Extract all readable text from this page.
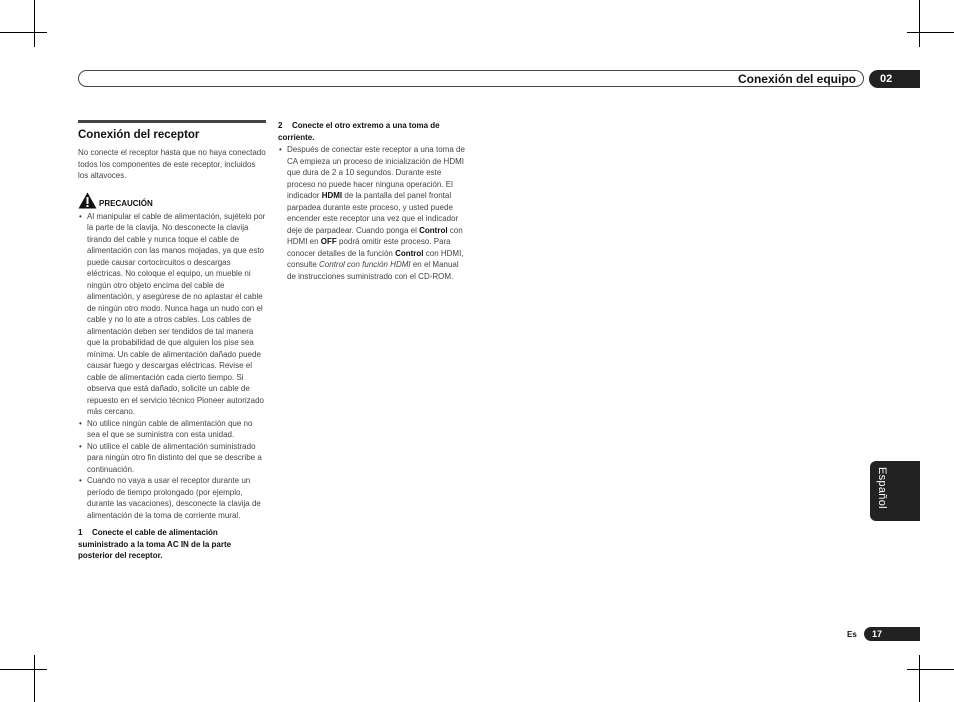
Conexión del equipo	02
Español
Conexión del receptor

No conecte el receptor hasta que no haya conectado todos los componentes de este receptor, incluidos los altavoces.

PRECAUCIÓN
• Al manipular el cable de alimentación, sujételo por la parte de la clavija. No desconecte la clavija tirando del cable y nunca toque el cable de alimentación con las manos mojadas, ya que esto puede causar cortocircuitos o descargas eléctricas. No coloque el equipo, un mueble ni ningún otro objeto encima del cable de alimentación, y asegúrese de no aplastar el cable de ningún otro modo. Nunca haga un nudo con el cable y no lo ate a otros cables. Los cables de alimentación deben ser tendidos de tal manera que la probabilidad de que alguien los pise sea mínima. Un cable de alimentación dañado puede causar fuego y descargas eléctricas. Revise el cable de alimentación cada cierto tiempo. Si observa que está dañado, solicite un cable de repuesto en el servicio técnico Pioneer autorizado más cercano.
• No utilice ningún cable de alimentación que no sea el que se suministra con esta unidad.
• No utilice el cable de alimentación suministrado para ningún otro fin distinto del que se describe a continuación.
• Cuando no vaya a usar el receptor durante un período de tiempo prolongado (por ejemplo, durante las vacaciones), desconecte la clavija de alimentación de la toma de corriente mural.

1 Conecte el cable de alimentación suministrado a la toma AC IN de la parte posterior del receptor.

2 Conecte el otro extremo a una toma de corriente.

• Después de conectar este receptor a una toma de CA empieza un proceso de inicialización de HDMI que dura de 2 a 10 segundos. Durante este proceso no puede hacer ninguna operación. El indicador HDMI de la pantalla del panel frontal parpadea durante este proceso, y usted puede encender este receptor una vez que el indicador deje de parpadear. Cuando ponga el Control con HDMI en OFF podrá omitir este proceso. Para conocer detalles de la función Control con HDMI, consulte Control con función HDMI en el Manual de instrucciones suministrado con el CD-ROM.
Es	17
